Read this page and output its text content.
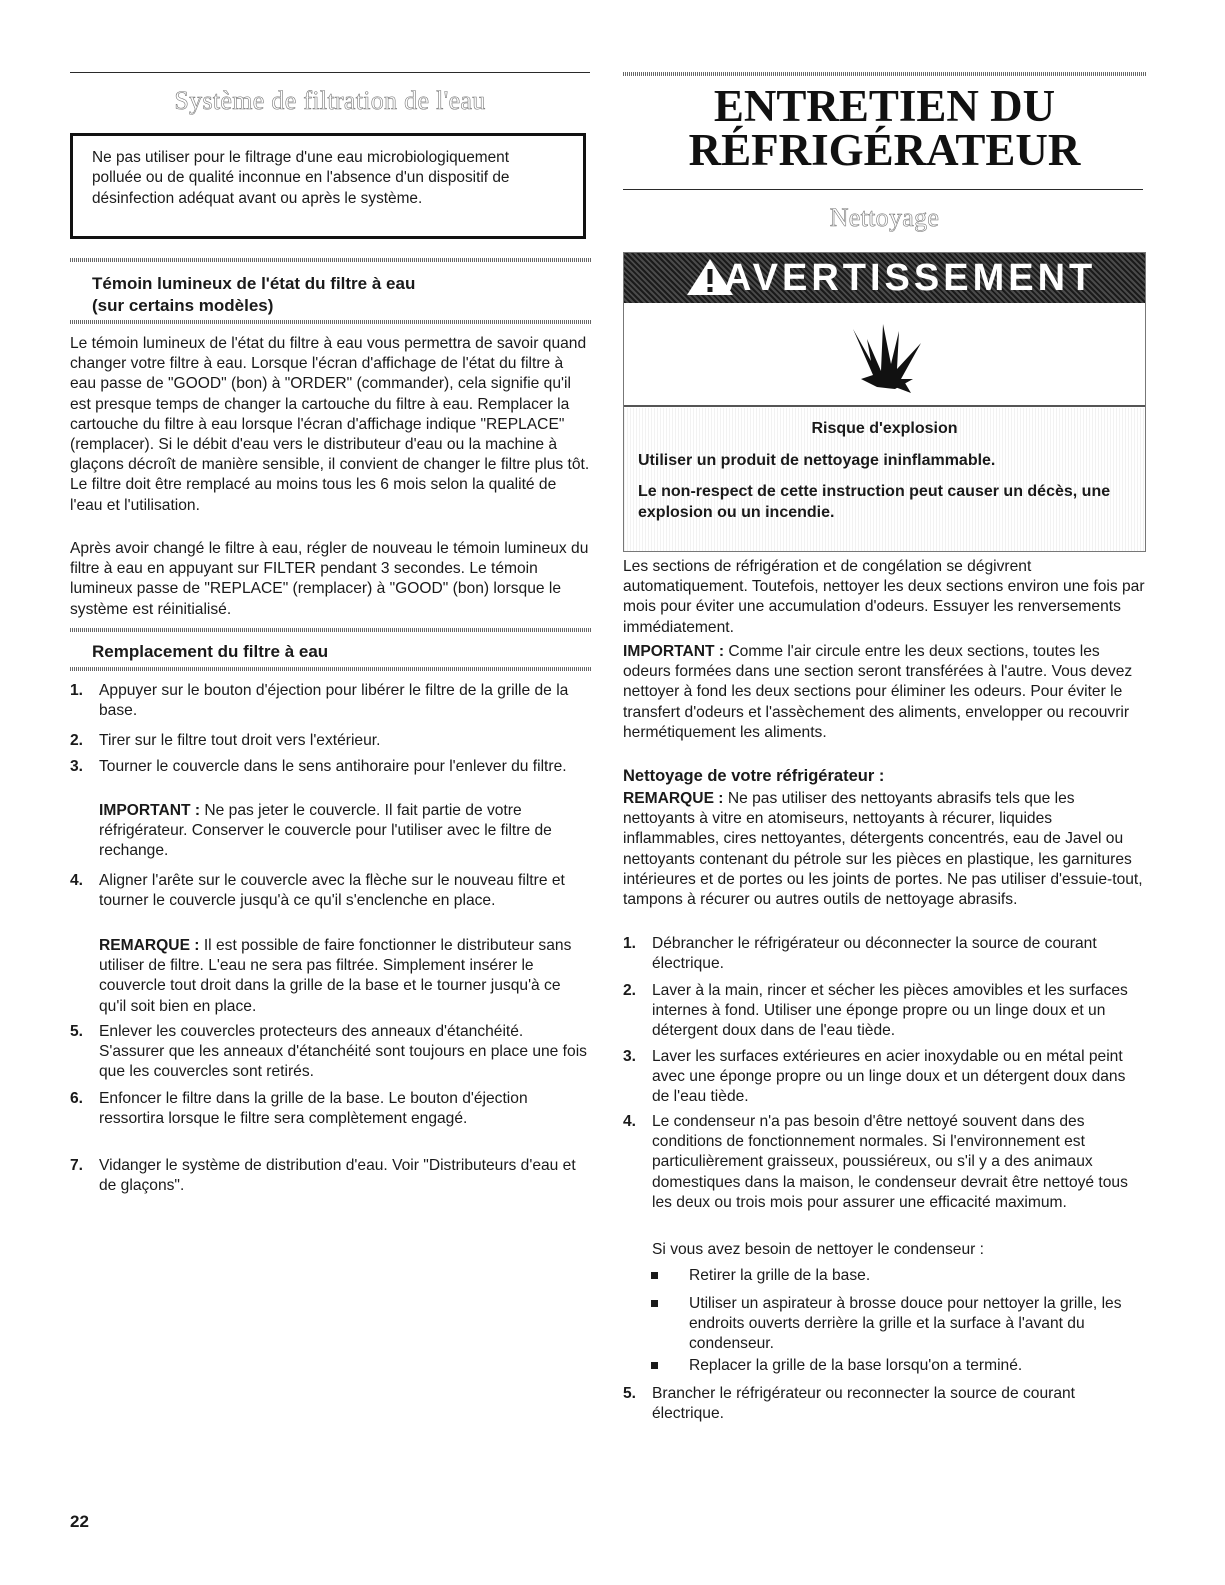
Système de filtration de l'eau

Ne pas utiliser pour le filtrage d'une eau microbiologiquement polluée ou de qualité inconnue en l'absence d'un dispositif de désinfection adéquat avant ou après le système.

Témoin lumineux de l'état du filtre à eau
(sur certains modèles)

Le témoin lumineux de l'état du filtre à eau vous permettra de savoir quand changer votre filtre à eau. Lorsque l'écran d'affichage de l'état du filtre à eau passe de "GOOD" (bon) à "ORDER" (commander), cela signifie qu'il est presque temps de changer la cartouche du filtre à eau. Remplacer la cartouche du filtre à eau lorsque l'écran d'affichage indique "REPLACE" (remplacer). Si le débit d'eau vers le distributeur d'eau ou la machine à glaçons décroît de manière sensible, il convient de changer le filtre plus tôt. Le filtre doit être remplacé au moins tous les 6 mois selon la qualité de l'eau et l'utilisation.

Après avoir changé le filtre à eau, régler de nouveau le témoin lumineux du filtre à eau en appuyant sur FILTER pendant 3 secondes. Le témoin lumineux passe de "REPLACE" (remplacer) à "GOOD" (bon) lorsque le système est réinitialisé.

Remplacement du filtre à eau
1. Appuyer sur le bouton d'éjection pour libérer le filtre de la grille de la base.
2. Tirer sur le filtre tout droit vers l'extérieur.
3. Tourner le couvercle dans le sens antihoraire pour l'enlever du filtre.
IMPORTANT : Ne pas jeter le couvercle. Il fait partie de votre réfrigérateur. Conserver le couvercle pour l'utiliser avec le filtre de rechange.
4. Aligner l'arête sur le couvercle avec la flèche sur le nouveau filtre et tourner le couvercle jusqu'à ce qu'il s'enclenche en place.
REMARQUE : Il est possible de faire fonctionner le distributeur sans utiliser de filtre. L'eau ne sera pas filtrée. Simplement insérer le couvercle tout droit dans la grille de la base et le tourner jusqu'à ce qu'il soit bien en place.
5. Enlever les couvercles protecteurs des anneaux d'étanchéité. S'assurer que les anneaux d'étanchéité sont toujours en place une fois que les couvercles sont retirés.
6. Enfoncer le filtre dans la grille de la base. Le bouton d'éjection ressortira lorsque le filtre sera complètement engagé.
7. Vidanger le système de distribution d'eau. Voir "Distributeurs d'eau et de glaçons".
22
ENTRETIEN DU
RÉFRIGÉRATEUR
Nettoyage
AVERTISSEMENT
Risque d'explosion
Utiliser un produit de nettoyage ininflammable.
Le non-respect de cette instruction peut causer un décès, une explosion ou un incendie.

Les sections de réfrigération et de congélation se dégivrent automatiquement. Toutefois, nettoyer les deux sections environ une fois par mois pour éviter une accumulation d'odeurs. Essuyer les renversements immédiatement.

IMPORTANT : Comme l'air circule entre les deux sections, toutes les odeurs formées dans une section seront transférées à l'autre. Vous devez nettoyer à fond les deux sections pour éliminer les odeurs. Pour éviter le transfert d'odeurs et l'assèchement des aliments, envelopper ou recouvrir hermétiquement les aliments.

Nettoyage de votre réfrigérateur :

REMARQUE : Ne pas utiliser des nettoyants abrasifs tels que les nettoyants à vitre en atomiseurs, nettoyants à récurer, liquides inflammables, cires nettoyantes, détergents concentrés, eau de Javel ou nettoyants contenant du pétrole sur les pièces en plastique, les garnitures intérieures et de portes ou les joints de portes. Ne pas utiliser d'essuie-tout, tampons à récurer ou autres outils de nettoyage abrasifs.

1. Débrancher le réfrigérateur ou déconnecter la source de courant électrique.
2. Laver à la main, rincer et sécher les pièces amovibles et les surfaces internes à fond. Utiliser une éponge propre ou un linge doux et un détergent doux dans de l'eau tiède.
3. Laver les surfaces extérieures en acier inoxydable ou en métal peint avec une éponge propre ou un linge doux et un détergent doux dans de l'eau tiède.
4. Le condenseur n'a pas besoin d'être nettoyé souvent dans des conditions de fonctionnement normales. Si l'environnement est particulièrement graisseux, poussiéreux, ou s'il y a des animaux domestiques dans la maison, le condenseur devrait être nettoyé tous les deux ou trois mois pour assurer une efficacité maximum.
Si vous avez besoin de nettoyer le condenseur :
Retirer la grille de la base.
Utiliser un aspirateur à brosse douce pour nettoyer la grille, les endroits ouverts derrière la grille et la surface à l'avant du condenseur.
Replacer la grille de la base lorsqu'on a terminé.
5. Brancher le réfrigérateur ou reconnecter la source de courant électrique.
